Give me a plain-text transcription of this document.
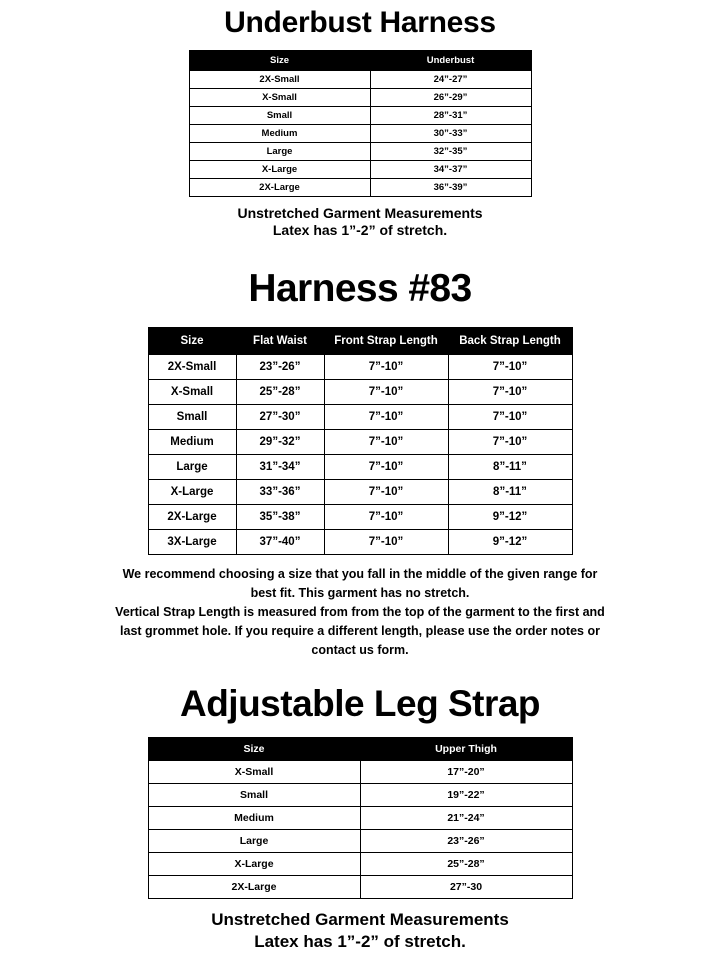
Underbust Harness
Size	Underbust
2X-Small	24”-27”
X-Small	26”-29”
Small	28”-31”
Medium	30”-33”
Large	32”-35”
X-Large	34”-37”
2X-Large	36”-39”

Unstretched Garment Measurements

Latex has 1”-2” of stretch.

Harness #83
Size	Flat Waist	Front Strap Length	Back Strap Length
2X-Small	23”-26”	7”-10”	7”-10”
X-Small	25”-28”	7”-10”	7”-10”
Small	27”-30”	7”-10”	7”-10”
Medium	29”-32”	7”-10”	7”-10”
Large	31”-34”	7”-10”	8”-11”
X-Large	33”-36”	7”-10”	8”-11”
2X-Large	35”-38”	7”-10”	9”-12”
3X-Large	37”-40”	7”-10”	9”-12”

We recommend choosing a size that you fall in the middle of the given range for

best fit. This garment has no stretch.

Vertical Strap Length is measured from from the top of the garment to the first and

last grommet hole. If you require a different length, please use the order notes or

contact us form.

Adjustable Leg Strap
Size	Upper Thigh
X-Small	17”-20”
Small	19”-22”
Medium	21”-24”
Large	23”-26”
X-Large	25”-28”
2X-Large	27”-30

Unstretched Garment Measurements

Latex has 1”-2” of stretch.
